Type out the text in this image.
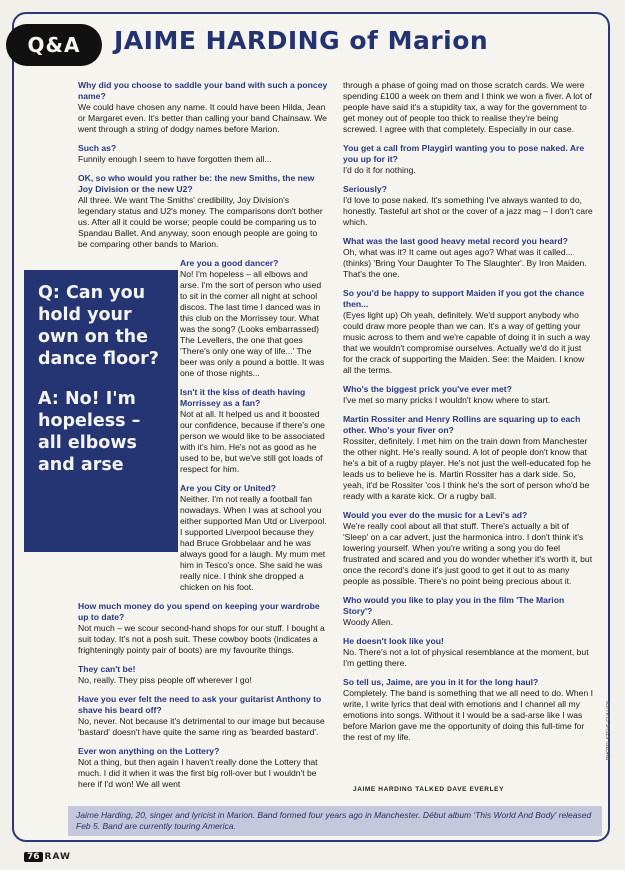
Q&A	JAIME HARDING of Marion

Why did you choose to saddle your band with such a poncey name?
We could have chosen any name. It could have been Hilda, Jean or Margaret even. It's better than calling your band Chainsaw. We went through a string of dodgy names before Marion.

Such as?
Funnily enough I seem to have forgotten them all...

OK, so who would you rather be: the new Smiths, the new Joy Division or the new U2?
All three. We want The Smiths' credibility, Joy Division's legendary status and U2's money. The comparisons don't bother us. After all it could be worse; people could be comparing us to Spandau Ballet. And anyway, soon enough people are going to be comparing other bands to Marion.

Are you a good dancer?
No! I'm hopeless – all elbows and arse. I'm the sort of person who used to sit in the corner all night at school discos. The last time I danced was in this club on the Morrissey tour. What was the song? (Looks embarrassed) The Levellers, the one that goes 'There's only one way of life...' The beer was only a pound a bottle. It was one of those nights...

Isn't it the kiss of death having Morrissey as a fan?
Not at all. It helped us and it boosted our confidence, because if there's one person we would like to be associated with it's him. He's not as good as he used to be, but we've still got loads of respect for him.

Are you City or United?
Neither. I'm not really a football fan nowadays. When I was at school you either supported Man Utd or Liverpool. I supported Liverpool because they had Bruce Grobbelaar and he was always good for a laugh. My mum met him in Tesco's once. She said he was really nice. I think she dropped a chicken on his foot.

How much money do you spend on keeping your wardrobe up to date?
Not much – we scour second-hand shops for our stuff. I bought a suit today. It's not a posh suit. These cowboy boots (indicates a frighteningly pointy pair of boots) are my favourite things.

They can't be!
No, really. They piss people off wherever I go!

Have you ever felt the need to ask your guitarist Anthony to shave his beard off?
No, never. Not because it's detrimental to our image but because 'bastard' doesn't have quite the same ring as 'bearded bastard'.

Ever won anything on the Lottery?
Not a thing, but then again I haven't really done the Lottery that much. I did it when it was the first big roll-over but I wouldn't be here if I'd won! We all went

through a phase of going mad on those scratch cards. We were spending £100 a week on them and I think we won a fiver. A lot of people have said it's a stupidity tax, a way for the government to get money out of people too thick to realise they're being screwed. I agree with that completely. Especially in our case.

You get a call from Playgirl wanting you to pose naked. Are you up for it?
I'd do it for nothing.

Seriously?
I'd love to pose naked. It's something I've always wanted to do, honestly. Tasteful art shot or the cover of a jazz mag – I don't care which.

What was the last good heavy metal record you heard?
Oh, what was it? It came out ages ago? What was it called... (thinks) 'Bring Your Daughter To The Slaughter'. By Iron Maiden. That's the one.

So you'd be happy to support Maiden if you got the chance then...
(Eyes light up) Oh yeah, definitely. We'd support anybody who could draw more people than we can. It's a way of getting your music across to them and we're capable of doing it in such a way that we wouldn't compromise ourselves. Actually we'd do it just for the crack of supporting the Maiden. See: the Maiden. I know all the terms.

Who's the biggest prick you've ever met?
I've met so many pricks I wouldn't know where to start.

Martin Rossiter and Henry Rollins are squaring up to each other. Who's your fiver on?
Rossiter, definitely. I met him on the train down from Manchester the other night. He's really sound. A lot of people don't know that he's a bit of a rugby player. He's not just the well-educated fop he leads us to believe he is. Martin Rossiter has a dark side. So, yeah, it'd be Rossiter 'cos I think he's the sort of person who'd be ready with a karate kick. Or a rugby ball.

Would you ever do the music for a Levi's ad?
We're really cool about all that stuff. There's actually a bit of 'Sleep' on a car advert, just the harmonica intro. I don't think it's lowering yourself. When you're writing a song you do feel frustrated and scared and you do wonder whether it's worth it, but once the record's done it's just good to get it out to as many people as possible. There's no point being precious about it.

Who would you like to play you in the film 'The Marion Story'?
Woody Allen.

He doesn't look like you!
No. There's not a lot of physical resemblance at the moment, but I'm getting there.

So tell us, Jaime, are you in it for the long haul?
Completely. The band is something that we all need to do. When I write, I write lyrics that deal with emotions and I channel all my emotions into songs. Without it I would be a sad-arse like I was before Marion gave me the opportunity of doing this full-time for the rest of my life.

Q: Can you hold your own on the dance floor?

A: No! I'm hopeless – all elbows and arse

JAIME HARDING TALKED DAVE EVERLEY
Jaime Harding, 20, singer and lyricist in Marion. Band formed four years ago in Manchester. Début album 'This World And Body' released Feb 5. Band are currently touring America.
PHOTO: STEVE GULLICK
76 RAW
